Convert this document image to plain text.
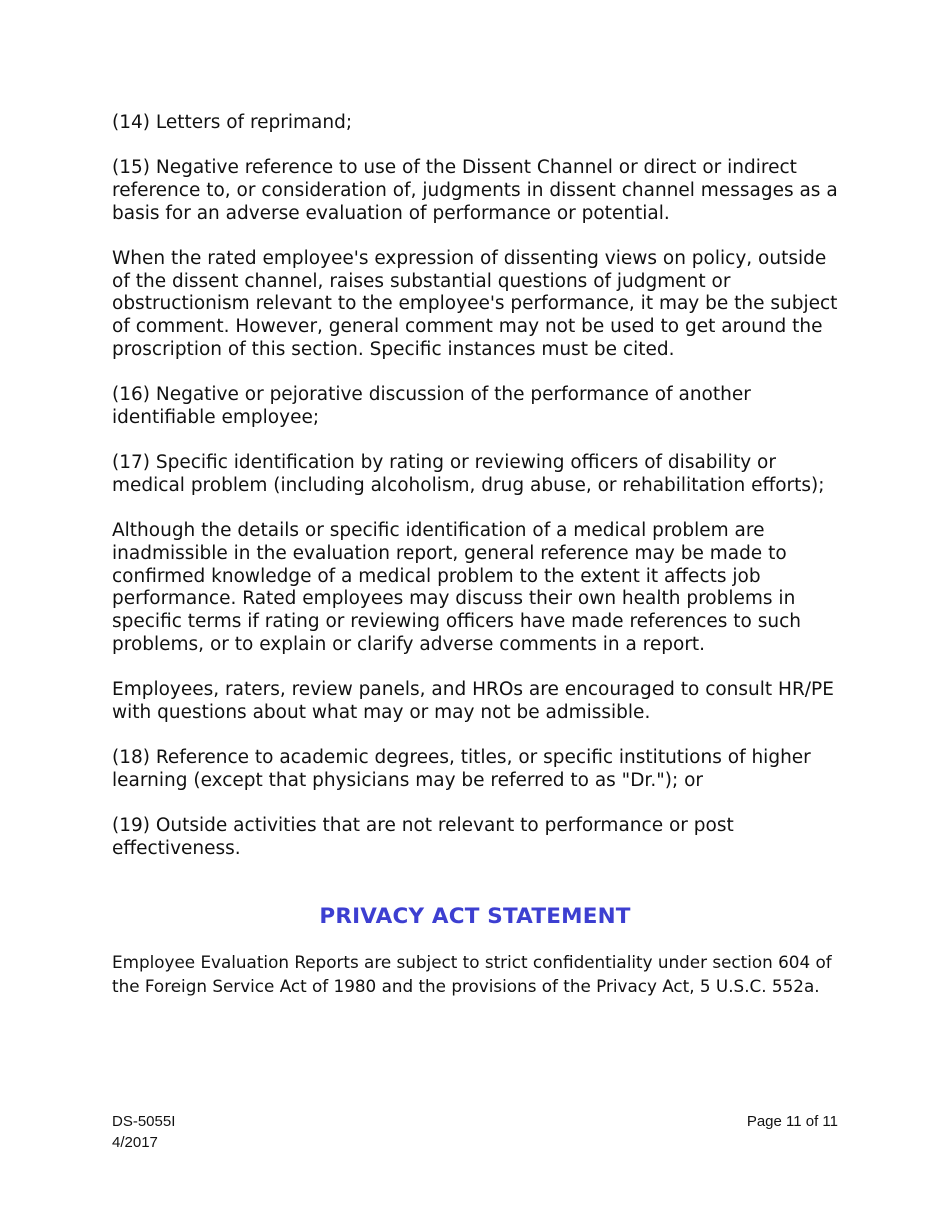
(14) Letters of reprimand;

(15) Negative reference to use of the Dissent Channel or direct or indirect reference to, or consideration of, judgments in dissent channel messages as a basis for an adverse evaluation of performance or potential.

When the rated employee's expression of dissenting views on policy, outside of the dissent channel, raises substantial questions of judgment or obstructionism relevant to the employee's performance, it may be the subject of comment. However, general comment may not be used to get around the proscription of this section. Specific instances must be cited.

(16) Negative or pejorative discussion of the performance of another identifiable employee;

(17) Specific identification by rating or reviewing officers of disability or medical problem (including alcoholism, drug abuse, or rehabilitation efforts);

Although the details or specific identification of a medical problem are inadmissible in the evaluation report, general reference may be made to confirmed knowledge of a medical problem to the extent it affects job performance. Rated employees may discuss their own health problems in specific terms if rating or reviewing officers have made references to such problems, or to explain or clarify adverse comments in a report.

Employees, raters, review panels, and HROs are encouraged to consult HR/PE with questions about what may or may not be admissible.

(18) Reference to academic degrees, titles, or specific institutions of higher learning (except that physicians may be referred to as "Dr."); or

(19) Outside activities that are not relevant to performance or post effectiveness.

PRIVACY ACT STATEMENT

Employee Evaluation Reports are subject to strict confidentiality under section 604 of the Foreign Service Act of 1980 and the provisions of the Privacy Act, 5 U.S.C. 552a.

DS-5055I
4/2017
Page 11 of 11
